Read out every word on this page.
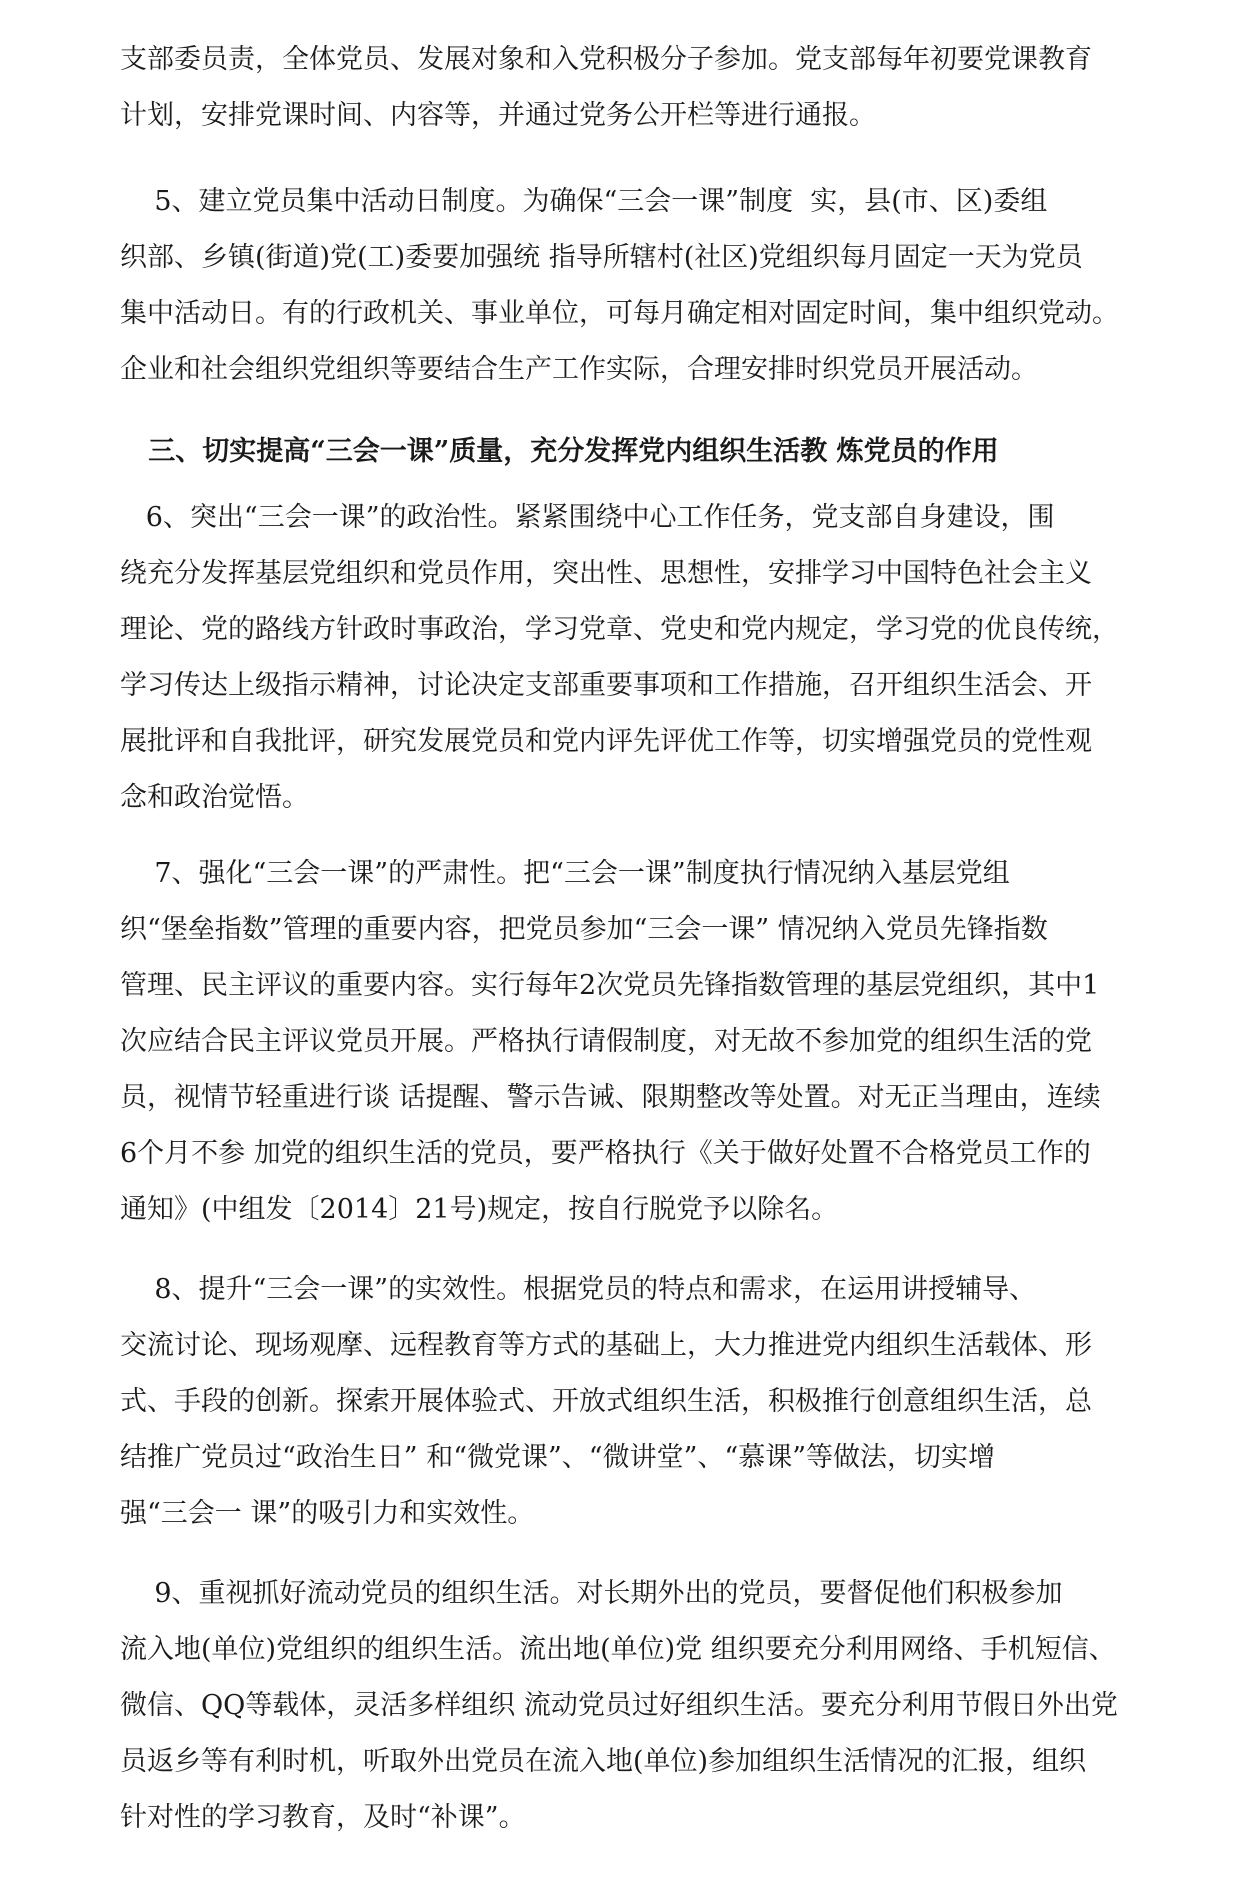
支部委员责，全体党员、发展对象和入党积极分子参加。党支部每年初要党课教育
计划，安排党课时间、内容等，并通过党务公开栏等进行通报。

5、建立党员集中活动日制度。为确保“三会一课”制度  实，县(市、区)委组
织部、乡镇(街道)党(工)委要加强统 指导所辖村(社区)党组织每月固定一天为党员
集中活动日。有的行政机关、事业单位，可每月确定相对固定时间，集中组织党动。
企业和社会组织党组织等要结合生产工作实际，合理安排时织党员开展活动。

三、切实提高“三会一课”质量，充分发挥党内组织生活教 炼党员的作用

6、突出“三会一课”的政治性。紧紧围绕中心工作任务，党支部自身建设，围
绕充分发挥基层党组织和党员作用，突出性、思想性，安排学习中国特色社会主义
理论、党的路线方针政时事政治，学习党章、党史和党内规定，学习党的优良传统，
学习传达上级指示精神，讨论决定支部重要事项和工作措施，召开组织生活会、开
展批评和自我批评，研究发展党员和党内评先评优工作等，切实增强党员的党性观
念和政治觉悟。

7、强化“三会一课”的严肃性。把“三会一课”制度执行情况纳入基层党组
织“堡垒指数”管理的重要内容，把党员参加“三会一课” 情况纳入党员先锋指数
管理、民主评议的重要内容。实行每年2次党员先锋指数管理的基层党组织，其中1
次应结合民主评议党员开展。严格执行请假制度，对无故不参加党的组织生活的党
员，视情节轻重进行谈 话提醒、警示告诫、限期整改等处置。对无正当理由，连续
6个月不参 加党的组织生活的党员，要严格执行《关于做好处置不合格党员工作的
通知》(中组发〔2014〕21号)规定，按自行脱党予以除名。

8、提升“三会一课”的实效性。根据党员的特点和需求，在运用讲授辅导、
交流讨论、现场观摩、远程教育等方式的基础上，大力推进党内组织生活载体、形
式、手段的创新。探索开展体验式、开放式组织生活，积极推行创意组织生活，总
结推广党员过“政治生日” 和“微党课”、“微讲堂”、“慕课”等做法，切实增
强“三会一 课”的吸引力和实效性。

9、重视抓好流动党员的组织生活。对长期外出的党员，要督促他们积极参加
流入地(单位)党组织的组织生活。流出地(单位)党 组织要充分利用网络、手机短信、
微信、QQ等载体，灵活多样组织 流动党员过好组织生活。要充分利用节假日外出党
员返乡等有利时机，听取外出党员在流入地(单位)参加组织生活情况的汇报，组织
针对性的学习教育，及时“补课”。
